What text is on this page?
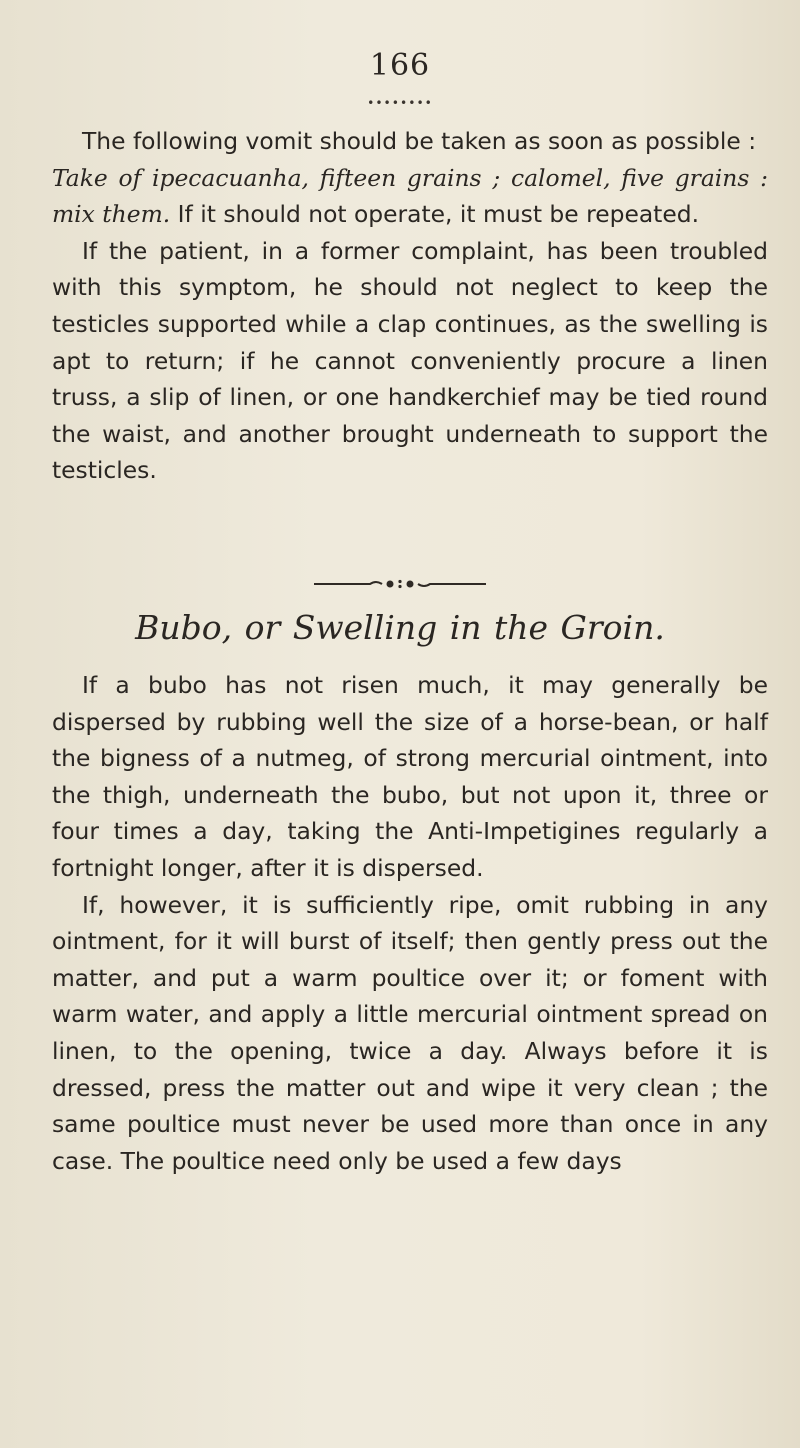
166
••••••••

The following vomit should be taken as soon as possible :

Take of ipecacuanha, fifteen grains ; calomel, five grains : mix them. If it should not operate, it must be repeated.

If the patient, in a former complaint, has been troubled with this symptom, he should not neglect to keep the testicles supported while a clap continues, as the swelling is apt to return; if he cannot conveniently procure a linen truss, a slip of linen, or one handkerchief may be tied round the waist, and another brought underneath to support the testicles.

Bubo, or Swelling in the Groin.

If a bubo has not risen much, it may generally be dispersed by rubbing well the size of a horse-bean, or half the bigness of a nutmeg, of strong mercurial ointment, into the thigh, underneath the bubo, but not upon it, three or four times a day, taking the Anti-Impetigines regularly a fortnight longer, after it is dispersed.

If, however, it is sufficiently ripe, omit rubbing in any ointment, for it will burst of itself; then gently press out the matter, and put a warm poultice over it; or foment with warm water, and apply a little mercurial ointment spread on linen, to the opening, twice a day. Always before it is dressed, press the matter out and wipe it very clean ; the same poultice must never be used more than once in any case. The poultice need only be used a few days
